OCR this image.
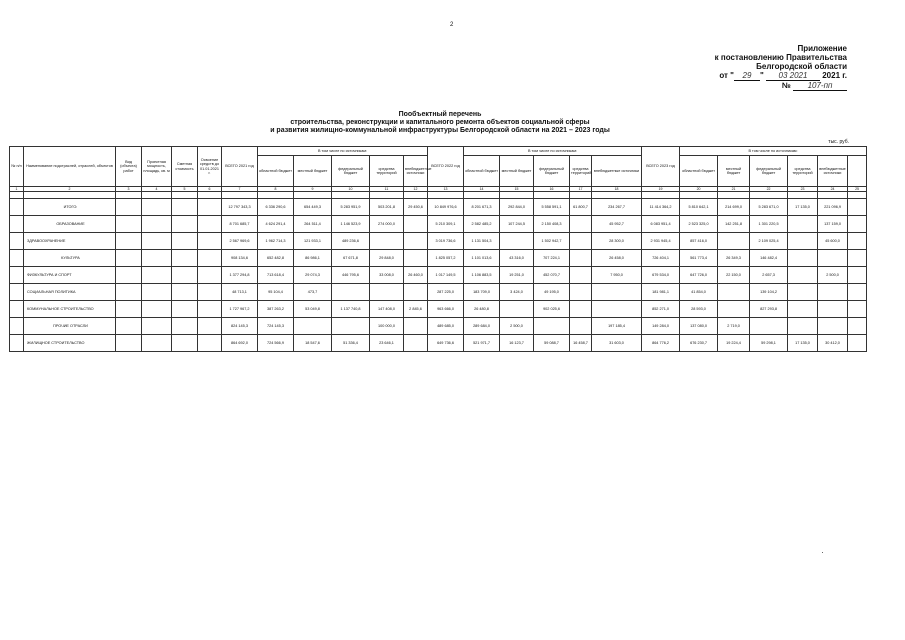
2
Приложение
к постановлению Правительства
Белгородской области
от " 29 " 03 2021 2021 г.
№ 107-пп
Пообъектный перечень
строительства, реконструкции и капитального ремонта объектов социальной сферы
и развития жилищно-коммунальной инфраструктуры Белгородской области на 2021 – 2023 годы
тыс. руб.
№ п/п	Наименование подотраслей, отраслей, объектов	Вид (объекта) работ	Проектная мощность, площадь, кв. м	Сметная стоимость	Освоение средств до 01.01.2021 г.	ВСЕГО 2021 год	В том числе по источникам:					ВСЕГО 2022 год	В том числе по источникам:					ВСЕГО 2023 год	В том числе по источникам:					
							областной бюджет	местный бюджет	федеральный бюджет	средства территорий	внебюджетные источники		областной бюджет	местный бюджет	федеральный бюджет	средства территорий	внебюджетные источники		областной бюджет	местный бюджет	федеральный бюджет	средства территорий	внебюджетные источники	
1	2	3	4	5	6	7	8	9	10	11	12	13	14	15	16	17	18	19	20	21	22	23	24	25

	ИТОГО:					12 797 343,3	6 336 290,6	654 449,3	5 283 951,9	503 201,8	29 450,6	10 849 976,6	8 201 671,3	292 844,0	5 558 591,1	61 800,7	234 267,7	11 414 364,2	5 810 642,1	214 699,0	5 283 671,0	17 135,0	221 096,9	
	ОБРАЗОВАНИЕ					8 701 685,7	4 624 291,4	264 511,4	1 146 523,9	274 000,0		5 210 309,1	2 582 485,2	107 244,5	2 150 408,3		45 952,7	6 083 951,4	2 523 325,0	142 251,8	1 301 220,5		137 159,0	
	ЗДРАВООХРАНЕНИЕ					2 567 969,6	1 962 714,3	121 933,1	489 236,6			3 019 736,6	1 131 504,3		1 502 942,7		28 300,0	2 931 945,4	857 416,0		2 109 025,4		45 600,0	
	КУЛЬТУРА					908 134,6	652 482,8	86 986,1	67 671,8	29 848,0		1 825 057,2	1 101 013,6	43 316,0	707 224,1		26 458,0	726 404,1	561 773,4	26 349,3	146 482,4			
	ФИЗКУЛЬТУРА И СПОРТ					1 377 294,8	713 618,4	29 074,3	446 795,6	33 008,0	26 460,0	1 017 149,5	1 106 883,5	19 251,0	452 070,7		7 950,0	679 534,0	647 726,0	22 150,0	2 657,3		2 500,0	
	СОЦИАЛЬНАЯ ПОЛИТИКА					48 713,1	95 104,4	473,7				287 225,0	183 709,0	3 424,0	49 195,0			181 981,1	41 854,0		139 104,2			
	КОММУНАЛЬНОЕ СТРОИТЕЛЬСТВО					1 727 967,2	387 263,2	53 049,8	1 137 740,8	147 408,0	2 845,6	963 666,0	26 480,8		902 025,6			852 271,0	28 593,0		827 293,8			
	ПРОЧИЕ ОТРАСЛИ					824 145,3	724 145,3			100 000,0		489 685,0	289 684,0	2 500,0			197 185,4	149 284,0	137 080,0	2 719,0				
	ЖИЛИЩНОЕ СТРОИТЕЛЬСТВО					864 692,0	724 566,9	18 547,6	51 336,4	23 646,1		649 736,6	521 971,7	16 123,7	59 088,7	16 458,7	31 603,0	864 776,2	676 230,7	19 224,4	59 298,1	17 135,0	30 412,0	
